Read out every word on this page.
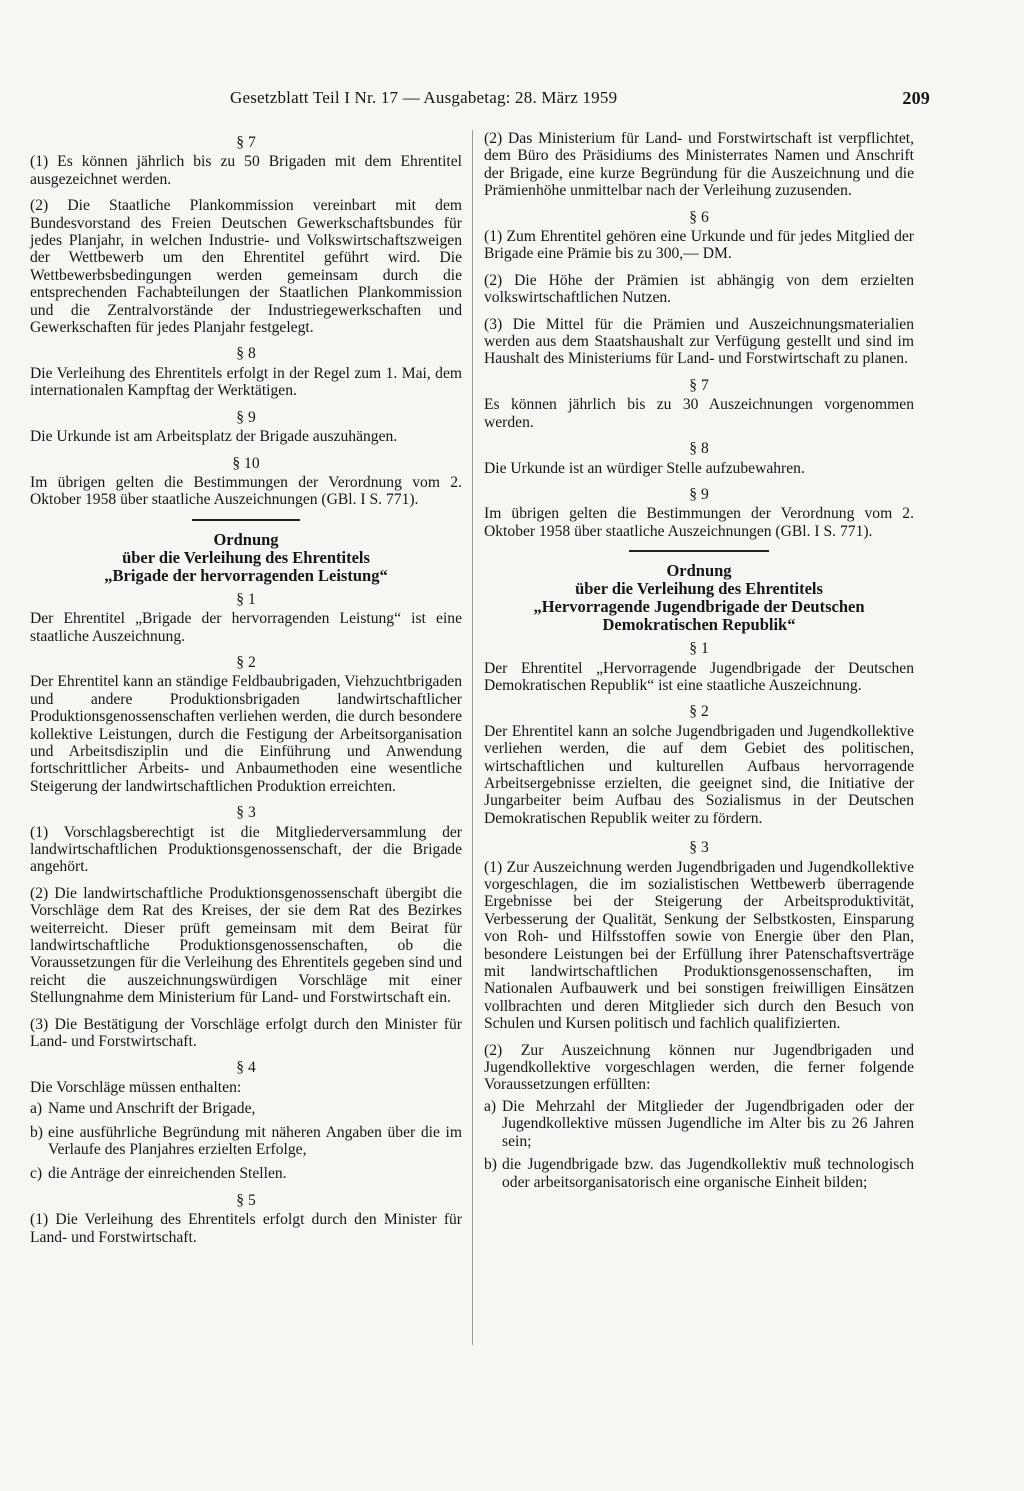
Gesetzblatt Teil I Nr. 17 — Ausgabetag: 28. März 1959	209
§ 7

(1) Es können jährlich bis zu 50 Brigaden mit dem Ehrentitel ausgezeichnet werden.

(2) Die Staatliche Plankommission vereinbart mit dem Bundesvorstand des Freien Deutschen Gewerkschaftsbundes für jedes Planjahr, in welchen Industrie- und Volkswirtschaftszweigen der Wettbewerb um den Ehrentitel geführt wird. Die Wettbewerbsbedingungen werden gemeinsam durch die entsprechenden Fachabteilungen der Staatlichen Plankommission und die Zentralvorstände der Industriegewerkschaften und Gewerkschaften für jedes Planjahr festgelegt.

§ 8

Die Verleihung des Ehrentitels erfolgt in der Regel zum 1. Mai, dem internationalen Kampftag der Werktätigen.

§ 9

Die Urkunde ist am Arbeitsplatz der Brigade auszuhängen.

§ 10

Im übrigen gelten die Bestimmungen der Verordnung vom 2. Oktober 1958 über staatliche Auszeichnungen (GBl. I S. 771).

Ordnung
über die Verleihung des Ehrentitels
„Brigade der hervorragenden Leistung“
§ 1

Der Ehrentitel „Brigade der hervorragenden Leistung“ ist eine staatliche Auszeichnung.

§ 2

Der Ehrentitel kann an ständige Feldbaubrigaden, Viehzuchtbrigaden und andere Produktionsbrigaden landwirtschaftlicher Produktionsgenossenschaften verliehen werden, die durch besondere kollektive Leistungen, durch die Festigung der Arbeitsorganisation und Arbeitsdisziplin und die Einführung und Anwendung fortschrittlicher Arbeits- und Anbaumethoden eine wesentliche Steigerung der landwirtschaftlichen Produktion erreichten.

§ 3

(1) Vorschlagsberechtigt ist die Mitgliederversammlung der landwirtschaftlichen Produktionsgenossenschaft, der die Brigade angehört.

(2) Die landwirtschaftliche Produktionsgenossenschaft übergibt die Vorschläge dem Rat des Kreises, der sie dem Rat des Bezirkes weiterreicht. Dieser prüft gemeinsam mit dem Beirat für landwirtschaftliche Produktionsgenossenschaften, ob die Voraussetzungen für die Verleihung des Ehrentitels gegeben sind und reicht die auszeichnungswürdigen Vorschläge mit einer Stellungnahme dem Ministerium für Land- und Forstwirtschaft ein.

(3) Die Bestätigung der Vorschläge erfolgt durch den Minister für Land- und Forstwirtschaft.

§ 4

Die Vorschläge müssen enthalten:

a) Name und Anschrift der Brigade,
b) eine ausführliche Begründung mit näheren Angaben über die im Verlaufe des Planjahres erzielten Erfolge,
c) die Anträge der einreichenden Stellen.
§ 5

(1) Die Verleihung des Ehrentitels erfolgt durch den Minister für Land- und Forstwirtschaft.

(2) Das Ministerium für Land- und Forstwirtschaft ist verpflichtet, dem Büro des Präsidiums des Ministerrates Namen und Anschrift der Brigade, eine kurze Begründung für die Auszeichnung und die Prämienhöhe unmittelbar nach der Verleihung zuzusenden.

§ 6

(1) Zum Ehrentitel gehören eine Urkunde und für jedes Mitglied der Brigade eine Prämie bis zu 300,— DM.

(2) Die Höhe der Prämien ist abhängig von dem erzielten volkswirtschaftlichen Nutzen.

(3) Die Mittel für die Prämien und Auszeichnungsmaterialien werden aus dem Staatshaushalt zur Verfügung gestellt und sind im Haushalt des Ministeriums für Land- und Forstwirtschaft zu planen.

§ 7

Es können jährlich bis zu 30 Auszeichnungen vorgenommen werden.

§ 8

Die Urkunde ist an würdiger Stelle aufzubewahren.

§ 9

Im übrigen gelten die Bestimmungen der Verordnung vom 2. Oktober 1958 über staatliche Auszeichnungen (GBl. I S. 771).

Ordnung
über die Verleihung des Ehrentitels
„Hervorragende Jugendbrigade der Deutschen Demokratischen Republik“
§ 1

Der Ehrentitel „Hervorragende Jugendbrigade der Deutschen Demokratischen Republik“ ist eine staatliche Auszeichnung.

§ 2

Der Ehrentitel kann an solche Jugendbrigaden und Jugendkollektive verliehen werden, die auf dem Gebiet des politischen, wirtschaftlichen und kulturellen Aufbaus hervorragende Arbeitsergebnisse erzielten, die geeignet sind, die Initiative der Jungarbeiter beim Aufbau des Sozialismus in der Deutschen Demokratischen Republik weiter zu fördern.

§ 3

(1) Zur Auszeichnung werden Jugendbrigaden und Jugendkollektive vorgeschlagen, die im sozialistischen Wettbewerb überragende Ergebnisse bei der Steigerung der Arbeitsproduktivität, Verbesserung der Qualität, Senkung der Selbstkosten, Einsparung von Roh- und Hilfsstoffen sowie von Energie über den Plan, besondere Leistungen bei der Erfüllung ihrer Patenschaftsverträge mit landwirtschaftlichen Produktionsgenossenschaften, im Nationalen Aufbauwerk und bei sonstigen freiwilligen Einsätzen vollbrachten und deren Mitglieder sich durch den Besuch von Schulen und Kursen politisch und fachlich qualifizierten.

(2) Zur Auszeichnung können nur Jugendbrigaden und Jugendkollektive vorgeschlagen werden, die ferner folgende Voraussetzungen erfüllten:

a) Die Mehrzahl der Mitglieder der Jugendbrigaden oder der Jugendkollektive müssen Jugendliche im Alter bis zu 26 Jahren sein;
b) die Jugendbrigade bzw. das Jugendkollektiv muß technologisch oder arbeitsorganisatorisch eine organische Einheit bilden;
